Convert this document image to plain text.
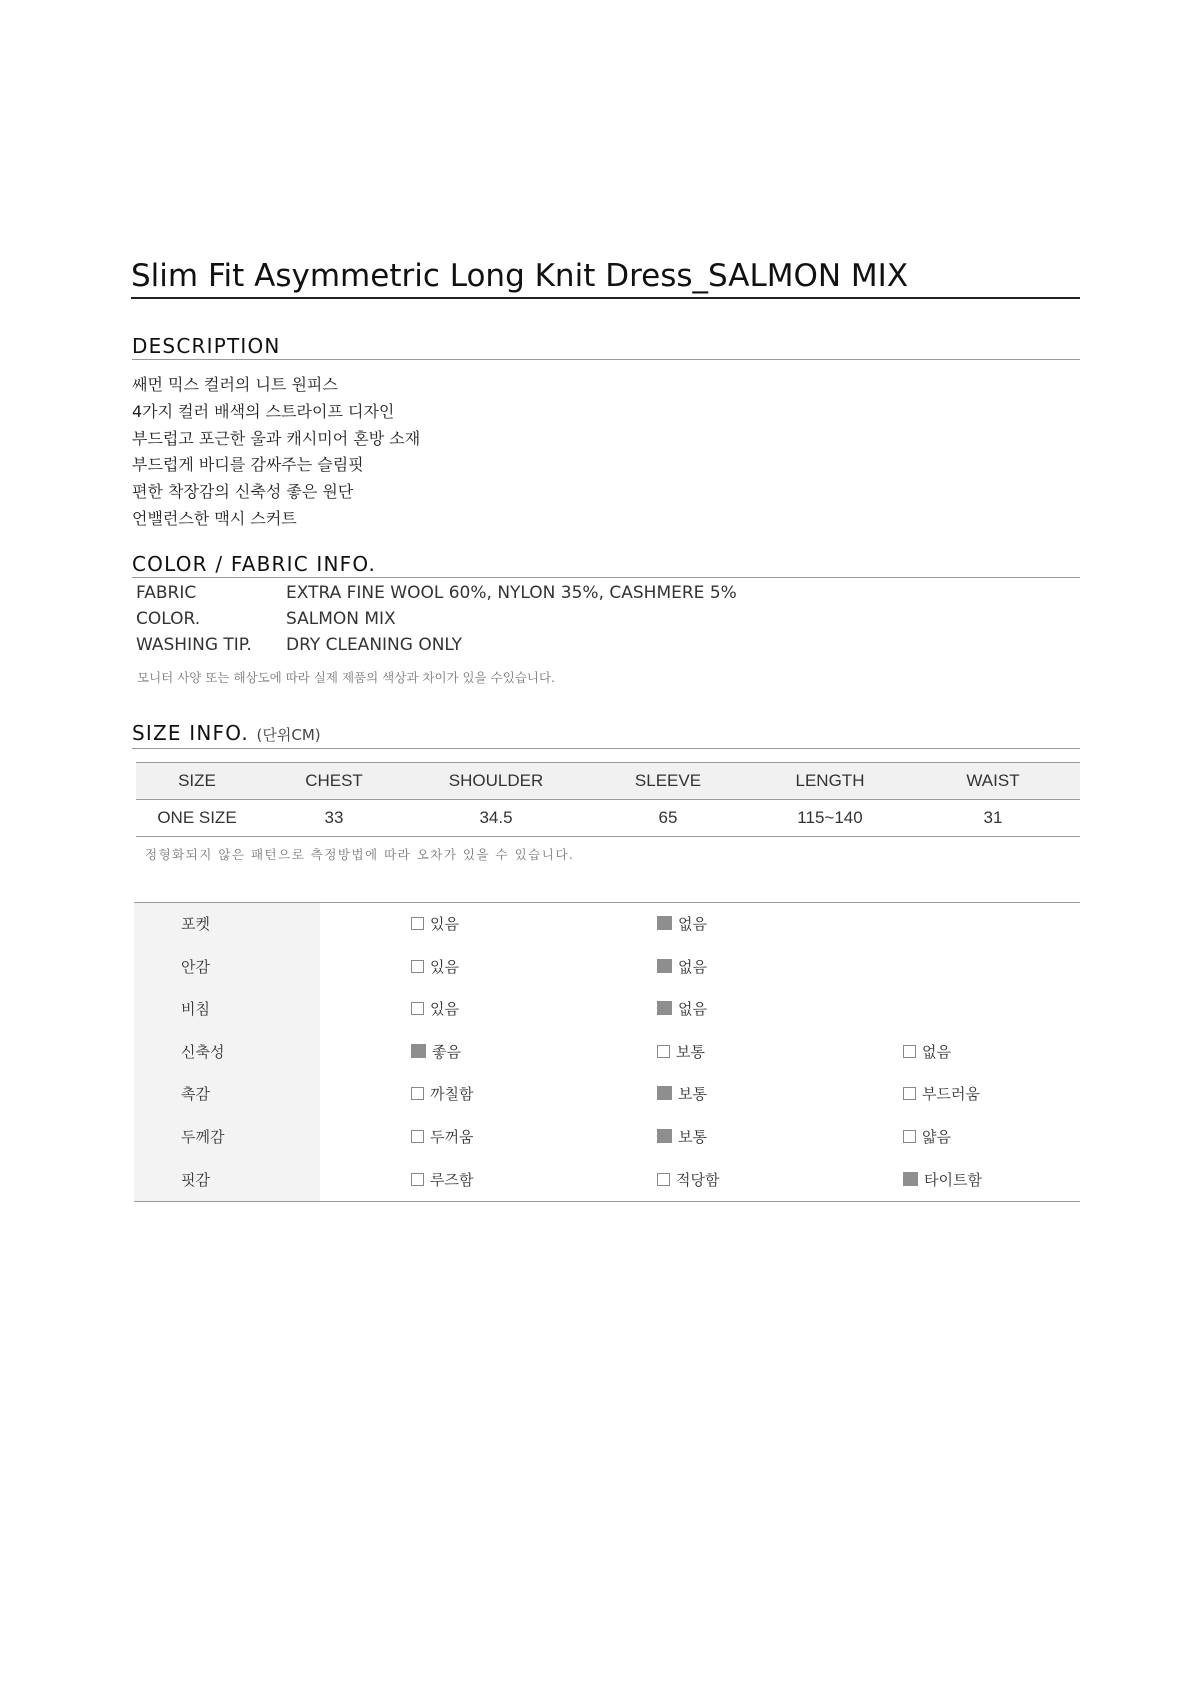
Slim Fit Asymmetric Long Knit Dress_SALMON MIX
DESCRIPTION
쌔먼 믹스 컬러의 니트 원피스
4가지 컬러 배색의 스트라이프 디자인
부드럽고 포근한 울과 캐시미어 혼방 소재
부드럽게 바디를 감싸주는 슬림핏
편한 착장감의 신축성 좋은 원단
언밸런스한 맥시 스커트
COLOR / FABRIC INFO.
FABRIC	EXTRA FINE WOOL 60%, NYLON 35%, CASHMERE 5%
COLOR.	SALMON MIX
WASHING TIP. DRY CLEANING ONLY
모니터 사양 또는 해상도에 따라 실제 제품의 색상과 차이가 있을 수있습니다.
SIZE INFO. (단위CM)
SIZE	CHEST	SHOULDER	SLEEVE	LENGTH	WAIST
ONE SIZE	33	34.5	65	115~140	31
정형화되지 않은 패턴으로 측정방법에 따라 오차가 있을 수 있습니다.
포켓	있음	없음
안감	있음	없음
비침	있음	없음
신축성	좋음	보통	없음
촉감	까칠함	보통	부드러움
두께감	두꺼움	보통	얇음
핏감	루즈함	적당함	타이트함
